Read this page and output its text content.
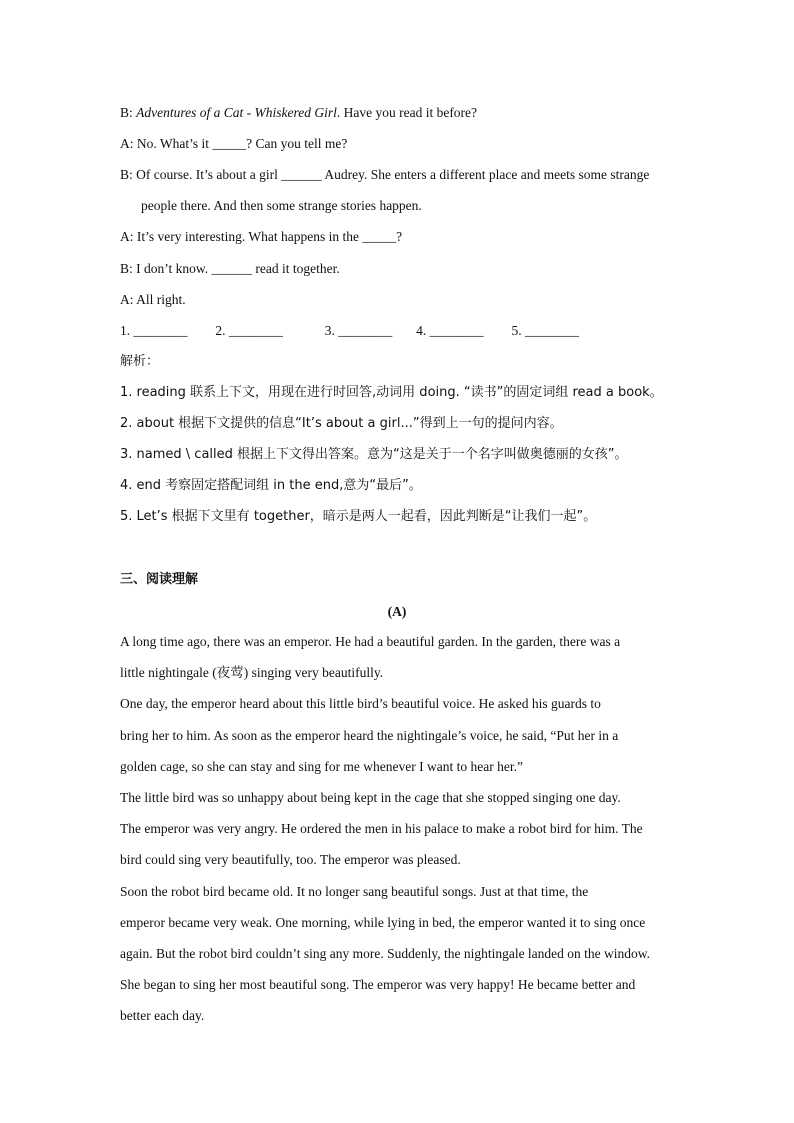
B: Adventures of a Cat - Whiskered Girl. Have you read it before?
A: No. What’s it _____? Can you tell me?
B: Of course. It’s about a girl ______ Audrey. She enters a different place and meets some strange
people there. And then some strange stories happen.
A: It’s very interesting. What happens in the _____?
B: I don’t know. ______ read it together.
A: All right.
1. ________ 2. ________	3. ________ 4. ________ 5. ________
解析：
1. reading 联系上下文，用现在进行时回答,动词用 doing. “读书”的固定词组 read a book。
2. about 根据下文提供的信息“It’s about a girl...”得到上一句的提问内容。
3. named \ called 根据上下文得出答案。意为“这是关于一个名字叫做奥德丽的女孩”。
4. end 考察固定搭配词组 in the end,意为“最后”。
5. Let’s 根据下文里有 together，暗示是两人一起看，因此判断是“让我们一起”。
三、阅读理解
(A)
A long time ago, there was an emperor. He had a beautiful garden. In the garden, there was a
little nightingale (夜莺) singing very beautifully.
One day, the emperor heard about this little bird’s beautiful voice. He asked his guards to
bring her to him. As soon as the emperor heard the nightingale’s voice, he said, “Put her in a
golden cage, so she can stay and sing for me whenever I want to hear her.”
The little bird was so unhappy about being kept in the cage that she stopped singing one day.
The emperor was very angry. He ordered the men in his palace to make a robot bird for him. The
bird could sing very beautifully, too. The emperor was pleased.
Soon the robot bird became old. It no longer sang beautiful songs. Just at that time, the
emperor became very weak. One morning, while lying in bed, the emperor wanted it to sing once
again. But the robot bird couldn’t sing any more. Suddenly, the nightingale landed on the window.
She began to sing her most beautiful song. The emperor was very happy! He became better and
better each day.
